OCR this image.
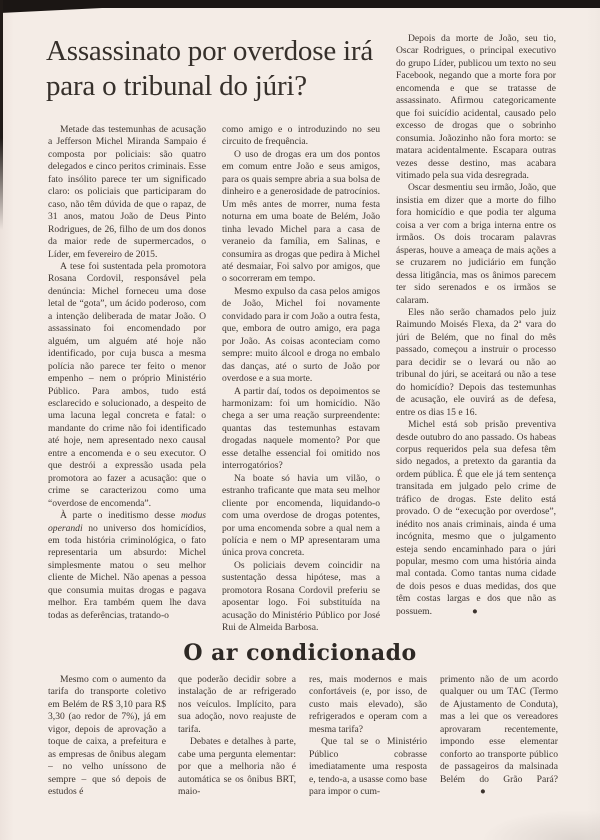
Assassinato por overdose irá para o tribunal do júri?

Metade das testemunhas de acusação a Jefferson Michel Miranda Sampaio é composta por policiais: são quatro delegados e cinco peritos criminais. Esse fato insólito parece ter um significado claro: os policiais que participaram do caso, não têm dúvida de que o rapaz, de 31 anos, matou João de Deus Pinto Rodrigues, de 26, filho de um dos donos da maior rede de supermercados, o Líder, em fevereiro de 2015.

A tese foi sustentada pela promotora Rosana Cordovil, responsável pela denúncia: Michel forneceu uma dose letal de “gota”, um ácido poderoso, com a intenção deliberada de matar João. O assassinato foi encomendado por alguém, um alguém até hoje não identificado, por cuja busca a mesma polícia não parece ter feito o menor empenho – nem o próprio Ministério Público. Para ambos, tudo está esclarecido e solucionado, a despeito de uma lacuna legal concreta e fatal: o mandante do crime não foi identificado até hoje, nem apresentado nexo causal entre a encomenda e o seu executor. O que destrói a expressão usada pela promotora ao fazer a acusação: que o crime se caracterizou como uma “overdose de encomenda”.

À parte o ineditismo desse modus operandi no universo dos homicídios, em toda história criminológica, o fato representaria um absurdo: Michel simplesmente matou o seu melhor cliente de Michel. Não apenas a pessoa que consumia muitas drogas e pagava melhor. Era também quem lhe dava todas as deferências, tratando-o

como amigo e o introduzindo no seu circuito de frequência.

O uso de drogas era um dos pontos em comum entre João e seus amigos, para os quais sempre abria a sua bolsa de dinheiro e a generosidade de patrocínios. Um mês antes de morrer, numa festa noturna em uma boate de Belém, João tinha levado Michel para a casa de veraneio da família, em Salinas, e consumira as drogas que pedira à Michel até desmaiar, Foi salvo por amigos, que o socorreram em tempo.

Mesmo expulso da casa pelos amigos de João, Michel foi novamente convidado para ir com João a outra festa, que, embora de outro amigo, era paga por João. As coisas aconteciam como sempre: muito álcool e droga no embalo das danças, até o surto de João por overdose e a sua morte.

A partir daí, todos os depoimentos se harmonizam: foi um homicídio. Não chega a ser uma reação surpreendente: quantas das testemunhas estavam drogadas naquele momento? Por que esse detalhe essencial foi omitido nos interrogatórios?

Na boate só havia um vilão, o estranho traficante que mata seu melhor cliente por encomenda, liquidando-o com uma overdose de drogas potentes, por uma encomenda sobre a qual nem a polícia e nem o MP apresentaram uma única prova concreta.

Os policiais devem coincidir na sustentação dessa hipótese, mas a promotora Rosana Cordovil preferiu se aposentar logo. Foi substituída na acusação do Ministério Público por José Rui de Almeida Barbosa.

Depois da morte de João, seu tio, Oscar Rodrigues, o principal executivo do grupo Líder, publicou um texto no seu Facebook, negando que a morte fora por encomenda e que se tratasse de assassinato. Afirmou categoricamente que foi suicídio acidental, causado pelo excesso de drogas que o sobrinho consumia. Joãozinho não fora morto: se matara acidentalmente. Escapara outras vezes desse destino, mas acabara vitimado pela sua vida desregrada.

Oscar desmentiu seu irmão, João, que insistia em dizer que a morte do filho fora homicídio e que podia ter alguma coisa a ver com a briga interna entre os irmãos. Os dois trocaram palavras ásperas, houve a ameaça de mais ações a se cruzarem no judiciário em função dessa litigância, mas os ânimos parecem ter sido serenados e os irmãos se calaram.

Eles não serão chamados pelo juiz Raimundo Moisés Flexa, da 2ª vara do júri de Belém, que no final do mês passado, começou a instruir o processo para decidir se o levará ou não ao tribunal do júri, se aceitará ou não a tese do homicídio? Depois das testemunhas de acusação, ele ouvirá as de defesa, entre os dias 15 e 16.

Michel está sob prisão preventiva desde outubro do ano passado. Os habeas corpus requeridos pela sua defesa têm sido negados, a pretexto da garantia da ordem pública. É que ele já tem sentença transitada em julgado pelo crime de tráfico de drogas. Este delito está provado. O de “execução por overdose”, inédito nos anais criminais, ainda é uma incógnita, mesmo que o julgamento esteja sendo encaminhado para o júri popular, mesmo com uma história ainda mal contada. Como tantas numa cidade de dois pesos e duas medidas, dos que têm costas largas e dos que não as possuem.	●

O ar condicionado

Mesmo com o aumento da tarifa do transporte coletivo em Belém de R$ 3,10 para R$ 3,30 (ao redor de 7%), já em vigor, depois de aprovação a toque de caixa, a prefeitura e as empresas de ônibus alegam – no velho uníssono de sempre – que só depois de estudos é

que poderão decidir sobre a instalação de ar refrigerado nos veículos. Implícito, para sua adoção, novo reajuste de tarifa.

Debates e detalhes à parte, cabe uma pergunta elementar: por que a melhoria não é automática se os ônibus BRT, maio-

res, mais modernos e mais confortáveis (e, por isso, de custo mais elevado), são refrigerados e operam com a mesma tarifa?

Que tal se o Ministério Público cobrasse imediatamente uma resposta e, tendo-a, a usasse como base para impor o cum-

primento não de um acordo qualquer ou um TAC (Termo de Ajustamento de Conduta), mas a lei que os vereadores aprovaram recentemente, impondo esse elementar conforto ao transporte público de passageiros da malsinada Belém do Grão Pará?●
